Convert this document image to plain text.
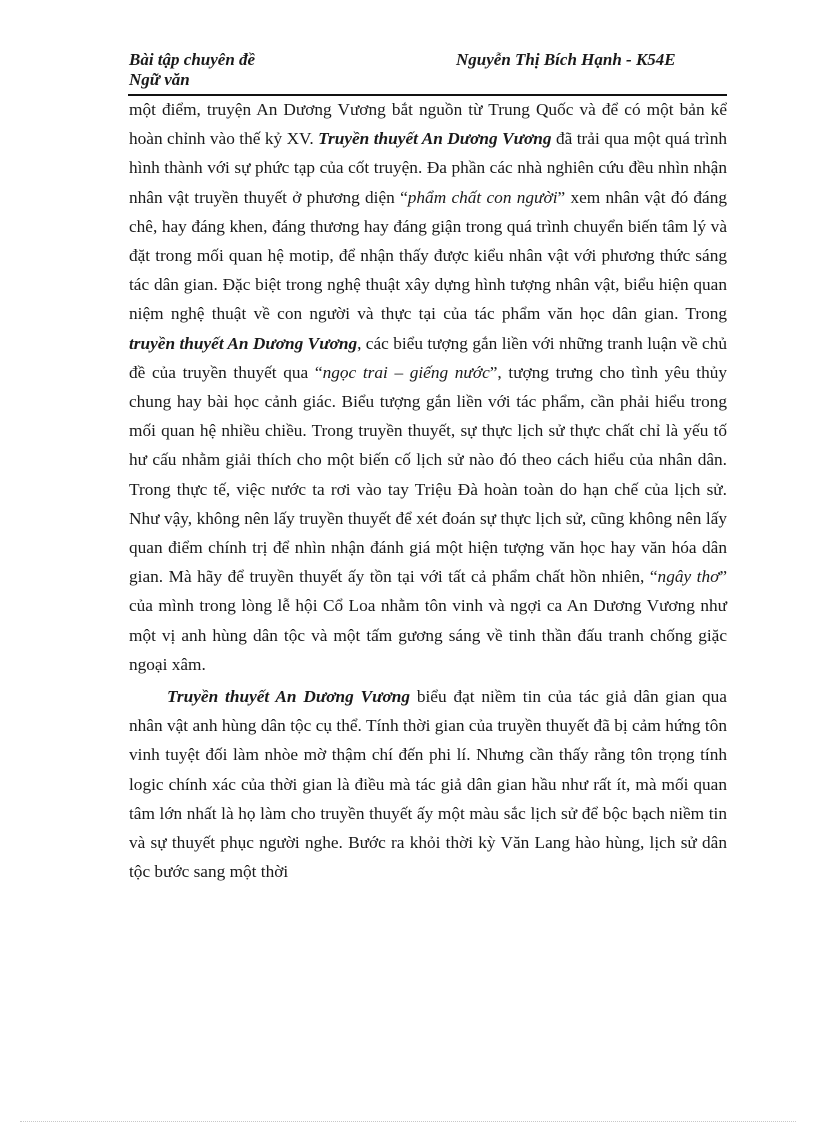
Bài tập chuyên đề
Ngữ văn
Nguyễn Thị Bích Hạnh - K54E

một điểm, truyện An Dương Vương bắt nguồn từ Trung Quốc và để có một bản kể hoàn chỉnh vào thế kỷ XV. Truyền thuyết An Dương Vương đã trải qua một quá trình hình thành với sự phức tạp của cốt truyện. Đa phần các nhà nghiên cứu đều nhìn nhận nhân vật truyền thuyết ở phương diện “phẩm chất con người” xem nhân vật đó đáng chê, hay đáng khen, đáng thương hay đáng giận trong quá trình chuyển biến tâm lý và đặt trong mối quan hệ motip, để nhận thấy được kiểu nhân vật với phương thức sáng tác dân gian. Đặc biệt trong nghệ thuật xây dựng hình tượng nhân vật, biểu hiện quan niệm nghệ thuật về con người và thực tại của tác phẩm văn học dân gian. Trong truyền thuyết An Dương Vương, các biểu tượng gắn liền với những tranh luận về chủ đề của truyền thuyết qua “ngọc trai – giếng nước”, tượng trưng cho tình yêu thủy chung hay bài học cảnh giác. Biểu tượng gắn liền với tác phẩm, cần phải hiểu trong mối quan hệ nhiều chiều. Trong truyền thuyết, sự thực lịch sử thực chất chỉ là yếu tố hư cấu nhằm giải thích cho một biến cố lịch sử nào đó theo cách hiểu của nhân dân. Trong thực tế, việc nước ta rơi vào tay Triệu Đà hoàn toàn do hạn chế của lịch sử. Như vậy, không nên lấy truyền thuyết để xét đoán sự thực lịch sử, cũng không nên lấy quan điểm chính trị để nhìn nhận đánh giá một hiện tượng văn học hay văn hóa dân gian. Mà hãy để truyền thuyết ấy tồn tại với tất cả phẩm chất hồn nhiên, “ngây thơ” của mình trong lòng lễ hội Cổ Loa nhằm tôn vinh và ngợi ca An Dương Vương như một vị anh hùng dân tộc và một tấm gương sáng về tinh thần đấu tranh chống giặc ngoại xâm.

Truyền thuyết An Dương Vương biểu đạt niềm tin của tác giả dân gian qua nhân vật anh hùng dân tộc cụ thể. Tính thời gian của truyền thuyết đã bị cảm hứng tôn vinh tuyệt đối làm nhòe mờ thậm chí đến phi lí. Nhưng cần thấy rằng tôn trọng tính logic chính xác của thời gian là điều mà tác giả dân gian hầu như rất ít, mà mối quan tâm lớn nhất là họ làm cho truyền thuyết ấy một màu sắc lịch sử để bộc bạch niềm tin và sự thuyết phục người nghe. Bước ra khỏi thời kỳ Văn Lang hào hùng, lịch sử dân tộc bước sang một thời
